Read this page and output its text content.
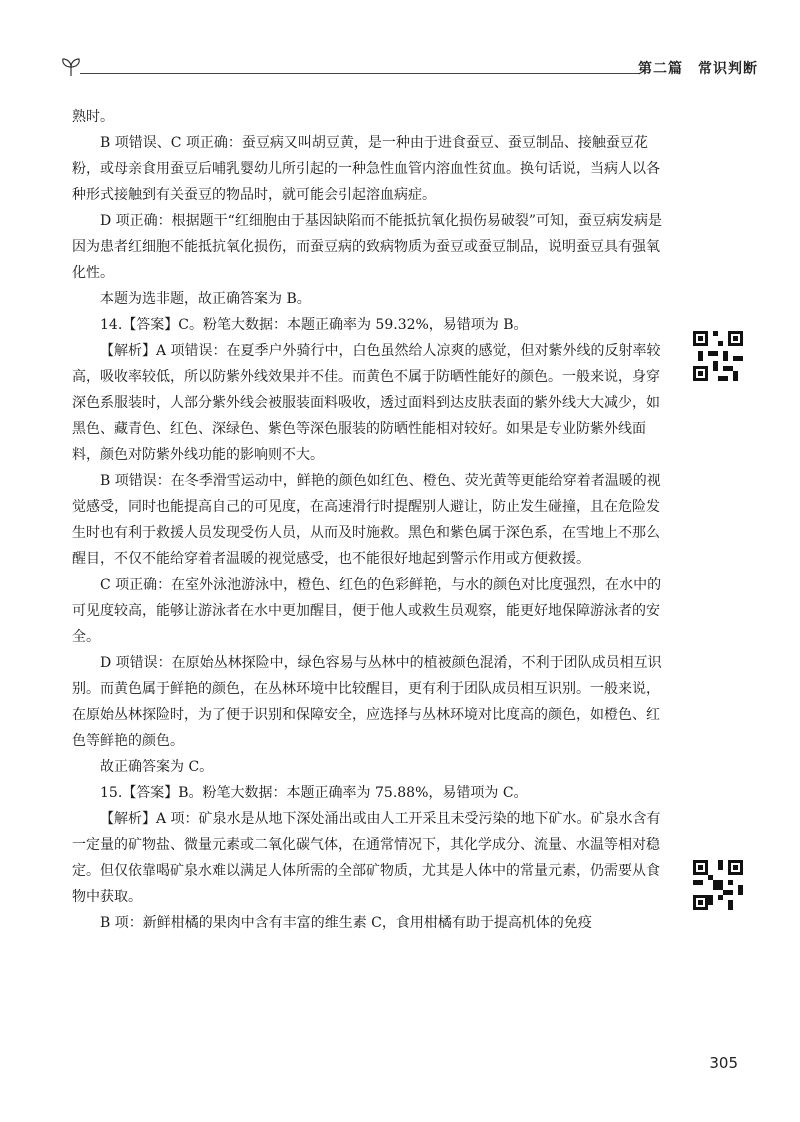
第二篇　常识判断

熟时。

B 项错误、C 项正确：蚕豆病又叫胡豆黄，是一种由于进食蚕豆、蚕豆制品、接触蚕豆花粉，或母亲食用蚕豆后哺乳婴幼儿所引起的一种急性血管内溶血性贫血。换句话说，当病人以各种形式接触到有关蚕豆的物品时，就可能会引起溶血病症。

D 项正确：根据题干“红细胞由于基因缺陷而不能抵抗氧化损伤易破裂”可知，蚕豆病发病是因为患者红细胞不能抵抗氧化损伤，而蚕豆病的致病物质为蚕豆或蚕豆制品，说明蚕豆具有强氧化性。

本题为选非题，故正确答案为 B。

14.【答案】C。粉笔大数据：本题正确率为 59.32%，易错项为 B。

【解析】A 项错误：在夏季户外骑行中，白色虽然给人凉爽的感觉，但对紫外线的反射率较高，吸收率较低，所以防紫外线效果并不佳。而黄色不属于防晒性能好的颜色。一般来说，身穿深色系服装时，人部分紫外线会被服装面料吸收，透过面料到达皮肤表面的紫外线大大减少，如黑色、藏青色、红色、深绿色、紫色等深色服装的防晒性能相对较好。如果是专业防紫外线面料，颜色对防紫外线功能的影响则不大。

B 项错误：在冬季滑雪运动中，鲜艳的颜色如红色、橙色、荧光黄等更能给穿着者温暖的视觉感受，同时也能提高自己的可见度，在高速滑行时提醒别人避让，防止发生碰撞，且在危险发生时也有利于救援人员发现受伤人员，从而及时施救。黑色和紫色属于深色系，在雪地上不那么醒目，不仅不能给穿着者温暖的视觉感受，也不能很好地起到警示作用或方便救援。

C 项正确：在室外泳池游泳中，橙色、红色的色彩鲜艳，与水的颜色对比度强烈，在水中的可见度较高，能够让游泳者在水中更加醒目，便于他人或救生员观察，能更好地保障游泳者的安全。

D 项错误：在原始丛林探险中，绿色容易与丛林中的植被颜色混淆，不利于团队成员相互识别。而黄色属于鲜艳的颜色，在丛林环境中比较醒目，更有利于团队成员相互识别。一般来说，在原始丛林探险时，为了便于识别和保障安全，应选择与丛林环境对比度高的颜色，如橙色、红色等鲜艳的颜色。

故正确答案为 C。

15.【答案】B。粉笔大数据：本题正确率为 75.88%，易错项为 C。

【解析】A 项：矿泉水是从地下深处涌出或由人工开采且未受污染的地下矿水。矿泉水含有一定量的矿物盐、微量元素或二氧化碳气体，在通常情况下，其化学成分、流量、水温等相对稳定。但仅依靠喝矿泉水难以满足人体所需的全部矿物质，尤其是人体中的常量元素，仍需要从食物中获取。

B 项：新鲜柑橘的果肉中含有丰富的维生素 C，食用柑橘有助于提高机体的免疫

305
